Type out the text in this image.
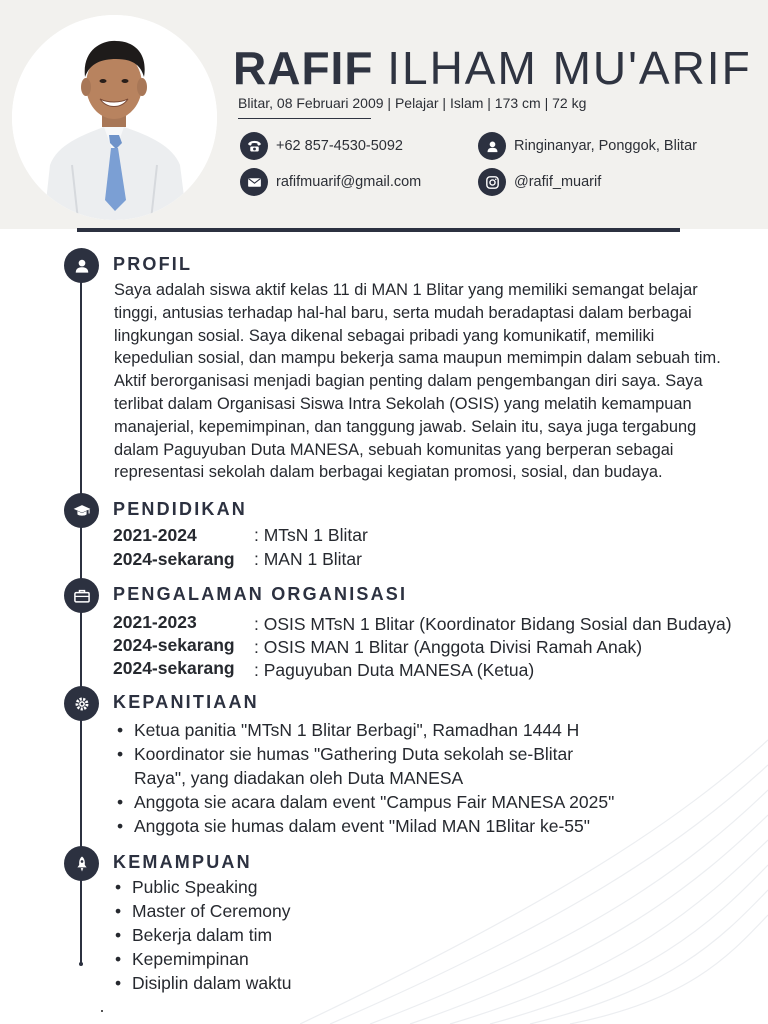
RAFIF ILHAM MU'ARIF
Blitar, 08 Februari 2009 | Pelajar | Islam | 173 cm | 72 kg
+62 857-4530-5092	Ringinanyar, Ponggok, Blitar
rafifmuarif@gmail.com	@rafif_muarif
PROFIL
Saya adalah siswa aktif kelas 11 di MAN 1 Blitar yang memiliki semangat belajar
tinggi, antusias terhadap hal-hal baru, serta mudah beradaptasi dalam berbagai
lingkungan sosial. Saya dikenal sebagai pribadi yang komunikatif, memiliki
kepedulian sosial, dan mampu bekerja sama maupun memimpin dalam sebuah tim.
Aktif berorganisasi menjadi bagian penting dalam pengembangan diri saya. Saya
terlibat dalam Organisasi Siswa Intra Sekolah (OSIS) yang melatih kemampuan
manajerial, kepemimpinan, dan tanggung jawab. Selain itu, saya juga tergabung
dalam Paguyuban Duta MANESA, sebuah komunitas yang berperan sebagai
representasi sekolah dalam berbagai kegiatan promosi, sosial, dan budaya.
PENDIDIKAN
2021-2024	: MTsN 1 Blitar
2024-sekarang : MAN 1 Blitar
PENGALAMAN ORGANISASI
2021-2023	: OSIS MTsN 1 Blitar (Koordinator Bidang Sosial dan Budaya)
2024-sekarang : OSIS MAN 1 Blitar (Anggota Divisi Ramah Anak)
2024-sekarang : Paguyuban Duta MANESA (Ketua)
KEPANITIAAN
• Ketua panitia "MTsN 1 Blitar Berbagi", Ramadhan 1444 H
• Koordinator sie humas "Gathering Duta sekolah se-Blitar
Raya", yang diadakan oleh Duta MANESA
• Anggota sie acara dalam event "Campus Fair MANESA 2025"
• Anggota sie humas dalam event "Milad MAN 1Blitar ke-55"
KEMAMPUAN
• Public Speaking
• Master of Ceremony
• Bekerja dalam tim
• Kepemimpinan
• Disiplin dalam waktu
